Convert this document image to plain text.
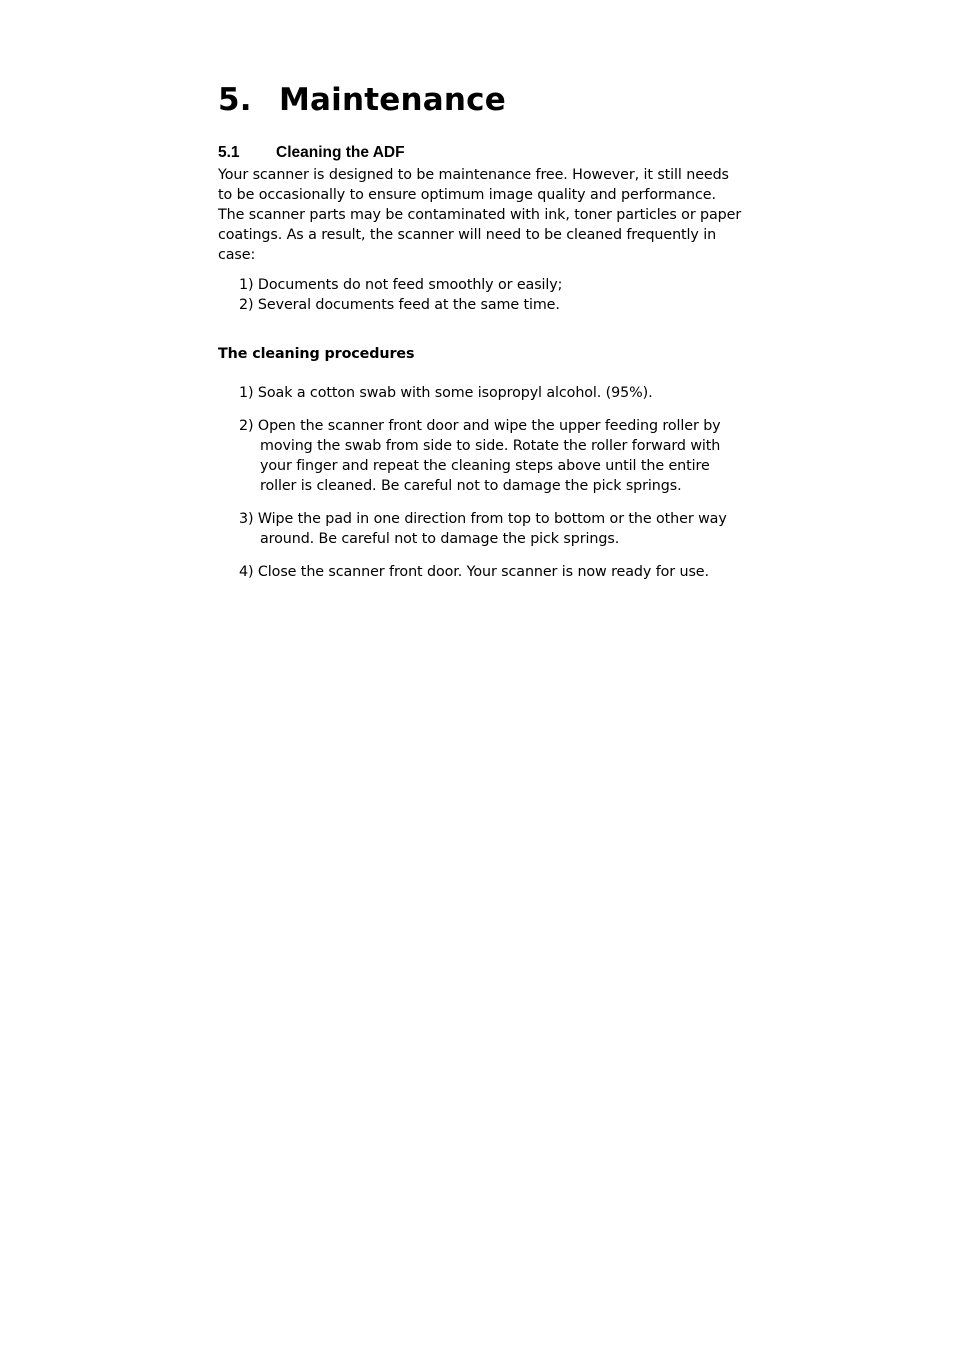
5. Maintenance
5.1 Cleaning the ADF

Your scanner is designed to be maintenance free. However, it still needs to be occasionally to ensure optimum image quality and performance.

The scanner parts may be contaminated with ink, toner particles or paper coatings. As a result, the scanner will need to be cleaned frequently in case:

1) Documents do not feed smoothly or easily;
2) Several documents feed at the same time.
The cleaning procedures
1) Soak a cotton swab with some isopropyl alcohol. (95%).
2) Open the scanner front door and wipe the upper feeding roller by moving the swab from side to side. Rotate the roller forward with your finger and repeat the cleaning steps above until the entire roller is cleaned. Be careful not to damage the pick springs.
3) Wipe the pad in one direction from top to bottom or the other way around. Be careful not to damage the pick springs.
4) Close the scanner front door. Your scanner is now ready for use.
